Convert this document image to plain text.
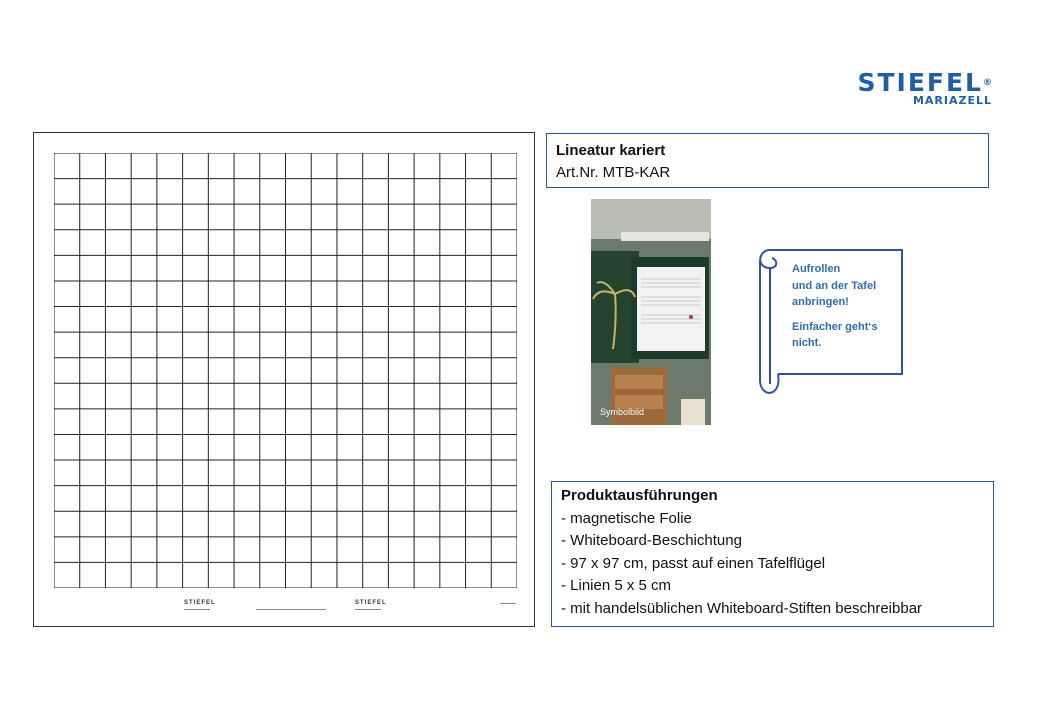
STIEFEL®
MARIAZELL
STIEFEL	STIEFEL
Lineatur kariert
Art.Nr. MTB-KAR
Symbolbild
Aufrollen
und an der Tafel
anbringen!
Einfacher geht‘s
nicht.
Produktausführungen
- magnetische Folie
- Whiteboard-Beschichtung
- 97 x 97 cm, passt auf einen Tafelflügel
- Linien 5 x 5 cm
- mit handelsüblichen Whiteboard-Stiften beschreibbar
